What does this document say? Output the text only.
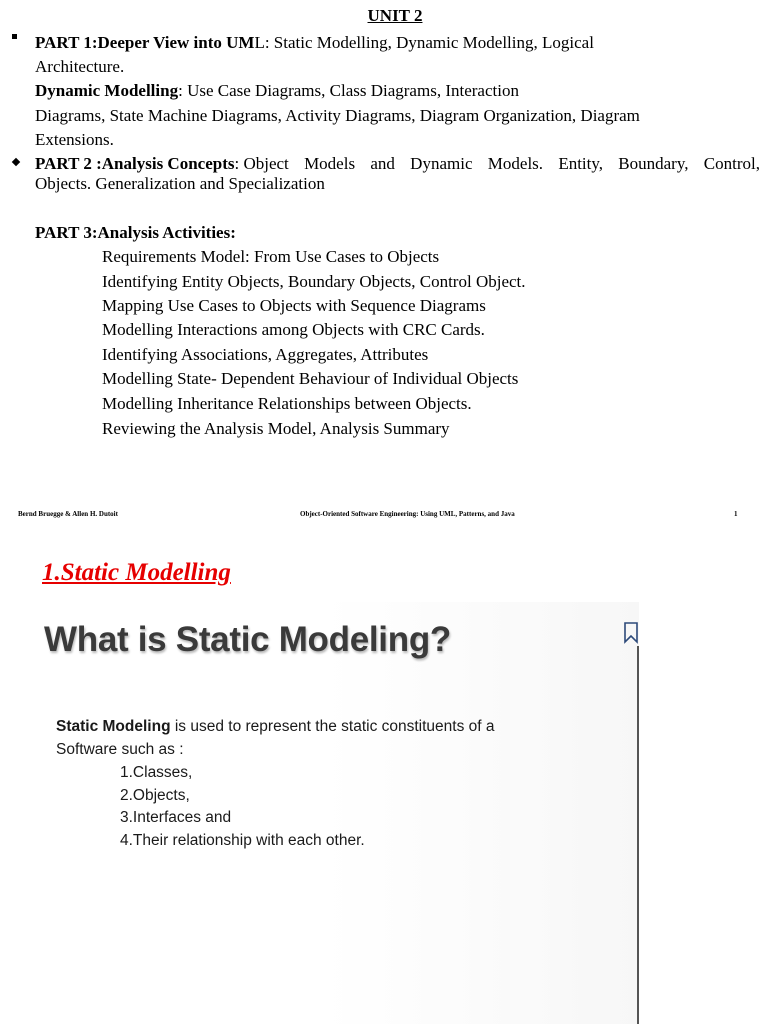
UNIT 2
PART 1:Deeper View into UML: Static Modelling, Dynamic Modelling, Logical
Architecture.
Dynamic Modelling: Use Case Diagrams, Class Diagrams, Interaction
Diagrams, State Machine Diagrams, Activity Diagrams, Diagram Organization, Diagram
Extensions.
PART 2 :Analysis Concepts: Object Models and Dynamic Models. Entity, Boundary, Control,
Objects. Generalization and Specialization
PART 3:Analysis Activities:
Requirements Model: From Use Cases to Objects
Identifying Entity Objects, Boundary Objects, Control Object.
Mapping Use Cases to Objects with Sequence Diagrams
Modelling Interactions among Objects with CRC Cards.
Identifying Associations, Aggregates, Attributes
Modelling State- Dependent Behaviour of Individual Objects
Modelling Inheritance Relationships between Objects.
Reviewing the Analysis Model, Analysis Summary
Bernd Bruegge & Allen H. Dutoit	Object-Oriented Software Engineering: Using UML, Patterns, and Java	1
1.Static Modelling
What is Static Modeling?
Static Modeling is used to represent the static constituents of a
Software such as :
1.Classes,
2.Objects,
3.Interfaces and
4.Their relationship with each other.
